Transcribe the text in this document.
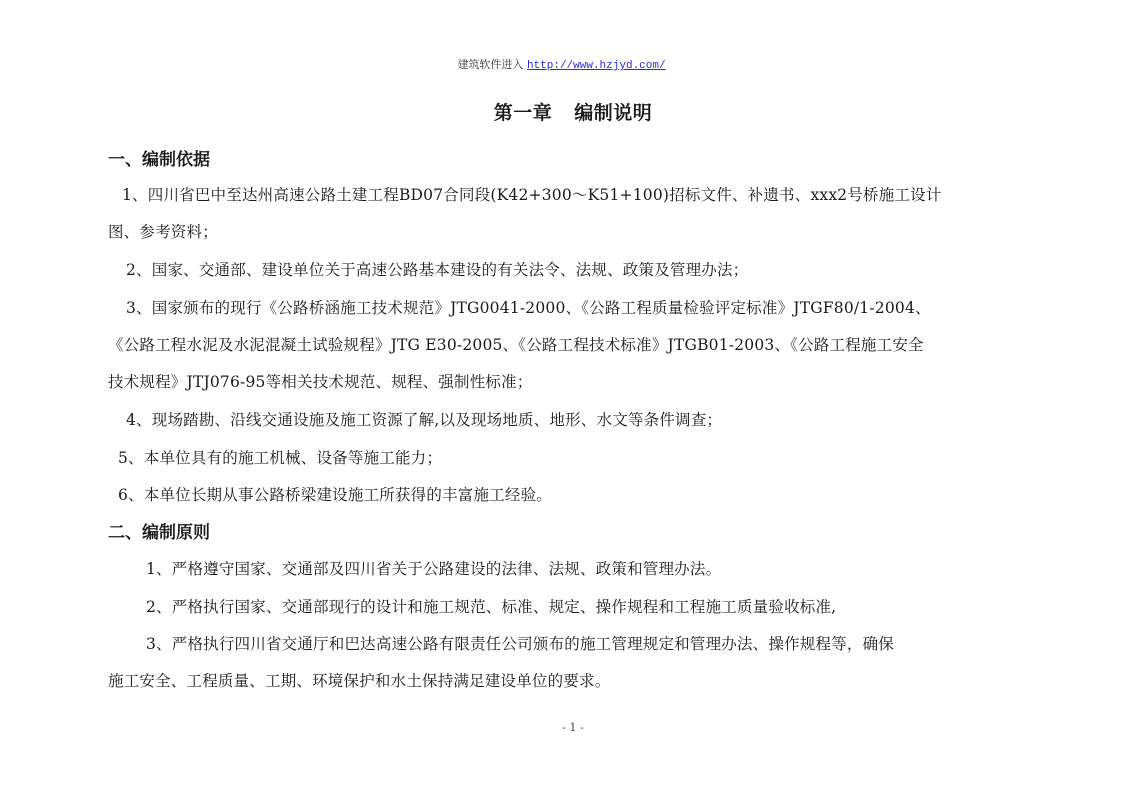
建筑软件进入 http://www.hzjyd.com/
第一章 编制说明
一、编制依据
1、四川省巴中至达州高速公路土建工程BD07合同段(K42+300～K51+100)招标文件、补遗书、xxx2号桥施工设计
图、参考资料；
2、国家、交通部、建设单位关于高速公路基本建设的有关法令、法规、政策及管理办法；
3、国家颁布的现行《公路桥涵施工技术规范》JTG0041-2000、《公路工程质量检验评定标准》JTGF80/1-2004、
《公路工程水泥及水泥混凝土试验规程》JTG E30-2005、《公路工程技术标准》JTGB01-2003、《公路工程施工安全
技术规程》JTJ076-95等相关技术规范、规程、强制性标准；
4、现场踏勘、沿线交通设施及施工资源了解,以及现场地质、地形、水文等条件调查；
5、本单位具有的施工机械、设备等施工能力；
6、本单位长期从事公路桥梁建设施工所获得的丰富施工经验。
二、编制原则
1、严格遵守国家、交通部及四川省关于公路建设的法律、法规、政策和管理办法。
2、严格执行国家、交通部现行的设计和施工规范、标准、规定、操作规程和工程施工质量验收标准,
3、严格执行四川省交通厅和巴达高速公路有限责任公司颁布的施工管理规定和管理办法、操作规程等，确保
施工安全、工程质量、工期、环境保护和水土保持满足建设单位的要求。
- 1 -
